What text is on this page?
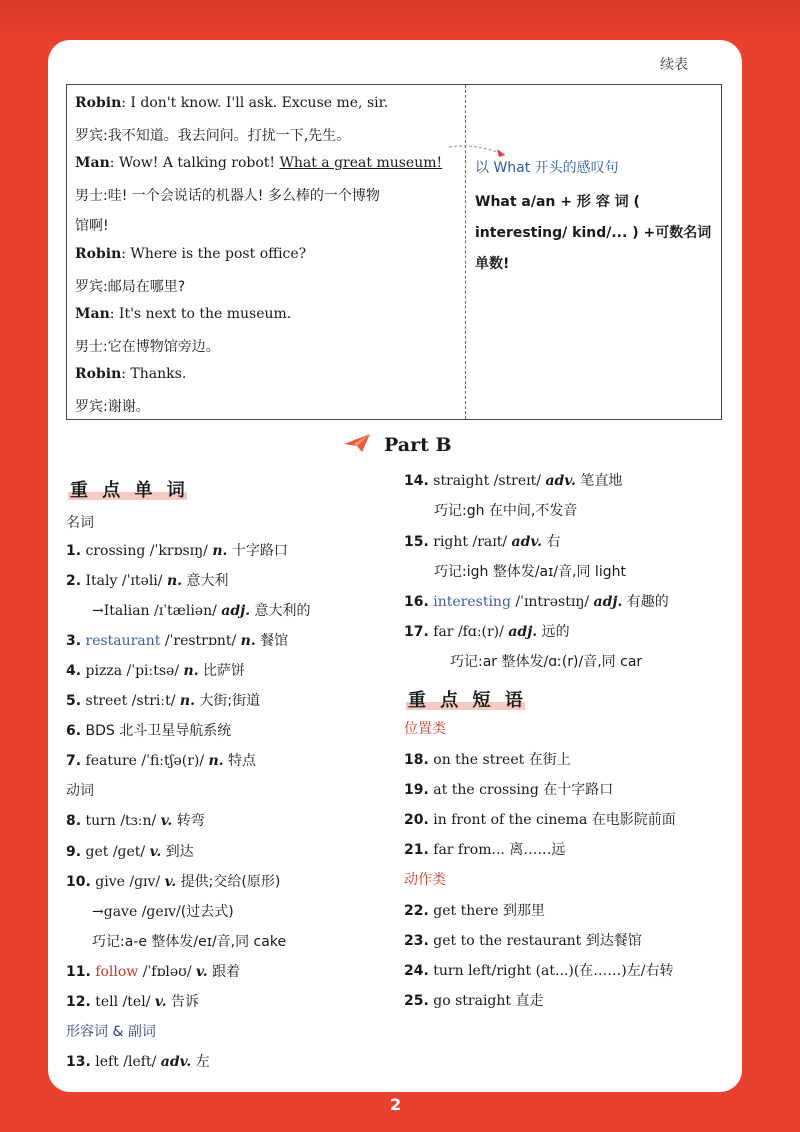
续表
Robin: I don't know. I'll ask. Excuse me, sir.
罗宾:我不知道。我去问问。打扰一下,先生。
Man: Wow! A talking robot! What a great museum!
男士:哇! 一个会说话的机器人! 多么棒的一个博物
馆啊!
Robin: Where is the post office?
罗宾:邮局在哪里?
Man: It's next to the museum.
男士:它在博物馆旁边。
Robin: Thanks.
罗宾:谢谢。
以 What 开头的感叹句
What a/an + 形 容 词 ( interesting/ kind/... ) +可数名词单数!
Part B
重 点 单 词
名词
1. crossing /ˈkrɒsɪŋ/ n. 十字路口
2. Italy /ˈɪtəli/ n. 意大利
→Italian /ɪˈtæliən/ adj. 意大利的
3. restaurant /ˈrestrɒnt/ n. 餐馆
4. pizza /ˈpiːtsə/ n. 比萨饼
5. street /striːt/ n. 大街;街道
6. BDS 北斗卫星导航系统
7. feature /ˈfiːtʃə(r)/ n. 特点
动词
8. turn /tɜːn/ v. 转弯
9. get /ɡet/ v. 到达
10. give /ɡɪv/ v. 提供;交给(原形)
→gave /ɡeɪv/(过去式)
巧记:a-e 整体发/eɪ/音,同 cake
11. follow /ˈfɒləʊ/ v. 跟着
12. tell /tel/ v. 告诉
形容词 & 副词
13. left /left/ adv. 左
14. straight /streɪt/ adv. 笔直地
巧记:gh 在中间,不发音
15. right /raɪt/ adv. 右
巧记:igh 整体发/aɪ/音,同 light
16. interesting /ˈɪntrəstɪŋ/ adj. 有趣的
17. far /fɑː(r)/ adj. 远的
巧记:ar 整体发/ɑː(r)/音,同 car
重 点 短 语
位置类
18. on the street 在街上
19. at the crossing 在十字路口
20. in front of the cinema 在电影院前面
21. far from... 离……远
动作类
22. get there 到那里
23. get to the restaurant 到达餐馆
24. turn left/right (at...)(在……)左/右转
25. go straight 直走
2
